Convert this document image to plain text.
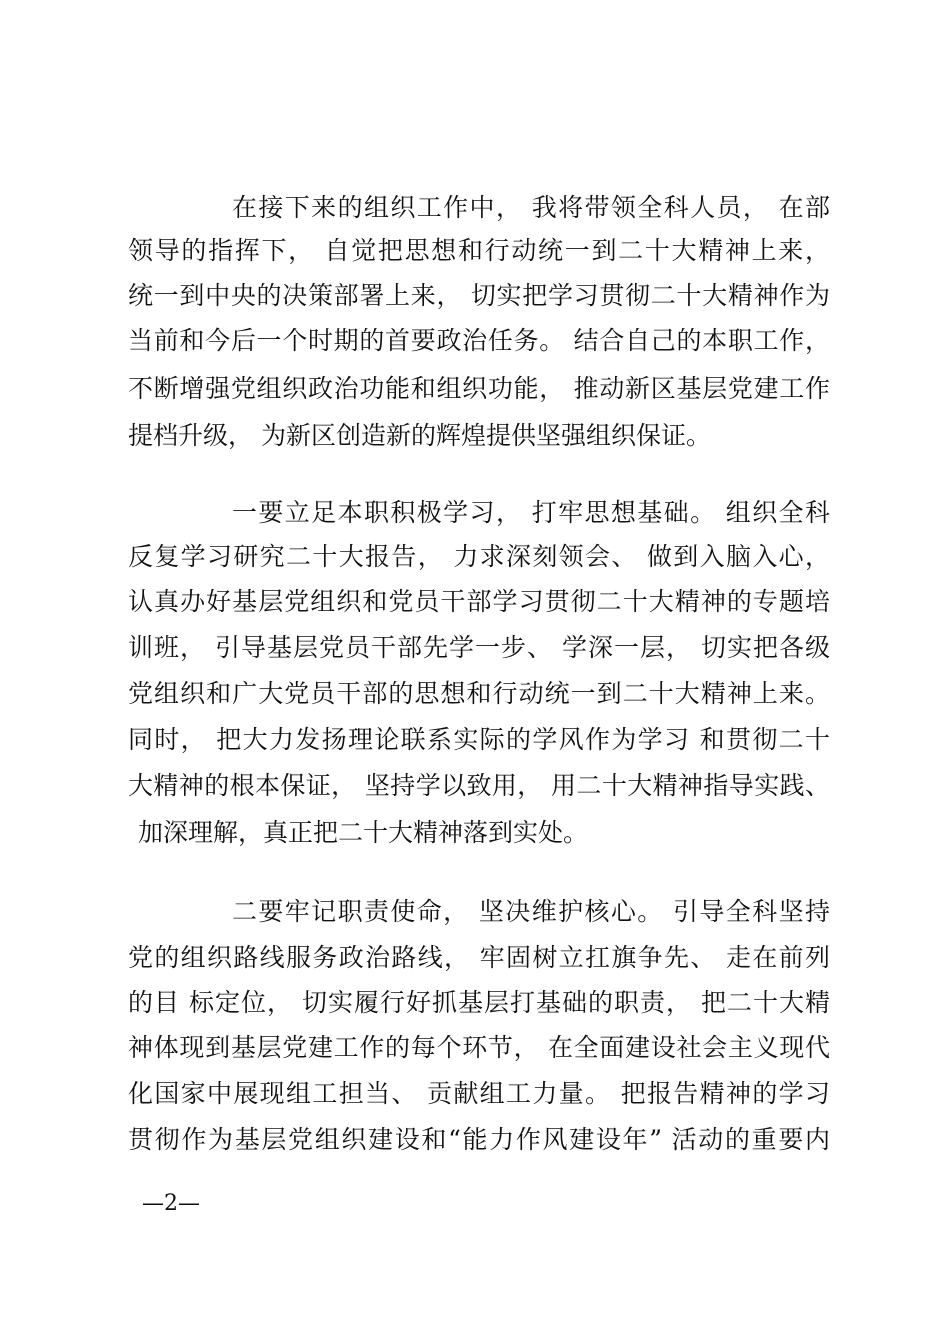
在接下来的组织工作中， 我将带领全科人员， 在部
领导的指挥下， 自觉把思想和行动统一到二十大精神上来，
统一到中央的决策部署上来， 切实把学习贯彻二十大精神作为
当前和今后一个时期的首要政治任务。 结合自己的本职工作，
不断增强党组织政治功能和组织功能， 推动新区基层党建工作
提档升级， 为新区创造新的辉煌提供坚强组织保证。
一要立足本职积极学习， 打牢思想基础。 组织全科
反复学习研究二十大报告， 力求深刻领会、 做到入脑入心，
认真办好基层党组织和党员干部学习贯彻二十大精神的专题培
训班， 引导基层党员干部先学一步、 学深一层， 切实把各级
党组织和广大党员干部的思想和行动统一到二十大精神上来。
同时， 把大力发扬理论联系实际的学风作为学习 和贯彻二十
大精神的根本保证， 坚持学以致用， 用二十大精神指导实践、
加深理解，真正把二十大精神落到实处。
二要牢记职责使命， 坚决维护核心。 引导全科坚持
党的组织路线服务政治路线， 牢固树立扛旗争先、 走在前列
的目 标定位， 切实履行好抓基层打基础的职责， 把二十大精
神体现到基层党建工作的每个环节， 在全面建设社会主义现代
化国家中展现组工担当、 贡献组工力量。 把报告精神的学习
贯彻作为基层党组织建设和“能力作风建设年” 活动的重要内
—2—
